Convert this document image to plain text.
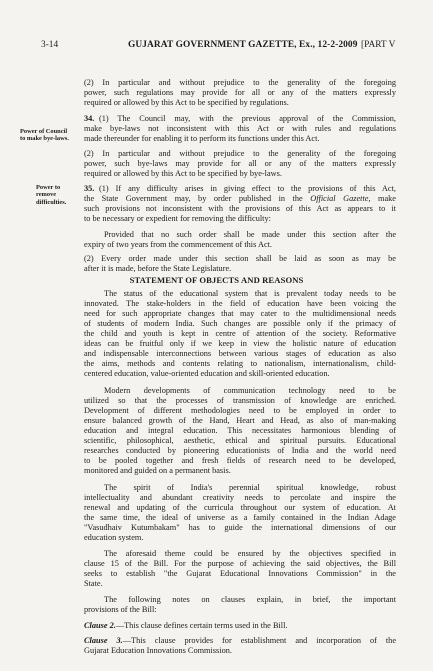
3-14	GUJARAT GOVERNMENT GAZETTE, Ex., 12-2-2009 [PART V
Power of Council
to make bye-laws.
Power to
remove
difficulties.
(2) In particular and without prejudice to the generality of the foregoing
power, such regulations may provide for all or any of the matters expressly
required or allowed by this Act to be specified by regulations.
34. (1) The Council may, with the previous approval of the Commission,
make bye-laws not inconsistent with this Act or with rules and regulations
made thereunder for enabling it to perform its functions under this Act.
(2) In particular and without prejudice to the generality of the foregoing
power, such bye-laws may provide for all or any of the matters expressly
required or allowed by this Act to be specified by bye-laws.
35. (1) If any difficulty arises in giving effect to the provisions of this Act,
the State Government may, by order published in the Official Gazette, make
such provisions not inconsistent with the provisions of this Act as appears to it
to be necessary or expedient for removing the difficulty:
Provided that no such order shall be made under this section after the
expiry of two years from the commencement of this Act.
(2) Every order made under this section shall be laid as soon as may be
after it is made, before the State Legislature.
STATEMENT OF OBJECTS AND REASONS
The status of the educational system that is prevalent today needs to be
innovated. The stake-holders in the field of education have been voicing the
need for such appropriate changes that may cater to the multidimensional needs
of students of modern India. Such changes are possible only if the primacy of
the child and youth is kept in centre of attention of the society. Reformative
ideas can be fruitful only if we keep in view the holistic nature of education
and indispensable interconnections between various stages of education as also
the aims, methods and contents relating to nationalism, internationalism, child-
centered education, value-oriented education and skill-oriented education.
Modern developments of communication technology need to be
utilized so that the processes of transmission of knowledge are enriched.
Development of different methodologies need to be employed in order to
ensure balanced growth of the Hand, Heart and Head, as also of man-making
education and integral education. This necessitates harmonious blending of
scientific, philosophical, aesthetic, ethical and spiritual pursuits. Educational
researches conducted by pioneering educationists of India and the world need
to be pooled together and fresh fields of research need to be developed,
monitored and guided on a permanent basis.
The spirit of India's perennial spiritual knowledge, robust
intellectuality and abundant creativity needs to percolate and inspire the
renewal and updating of the curricula throughout our system of education. At
the same time, the ideal of universe as a family contained in the Indian Adage
"Vasudhaiv Kutumbakam" has to guide the international dimensions of our
education system.
The aforesaid theme could be ensured by the objectives specified in
clause 15 of the Bill. For the purpose of achieving the said objectives, the Bill
seeks to establish "the Gujarat Educational Innovations Commission" in the
State.
The following notes on clauses explain, in brief, the important
provisions of the Bill:
Clause 2.—This clause defines certain terms used in the Bill.
Clause 3.—This clause provides for establishment and incorporation of the
Gujarat Education Innovations Commission.
